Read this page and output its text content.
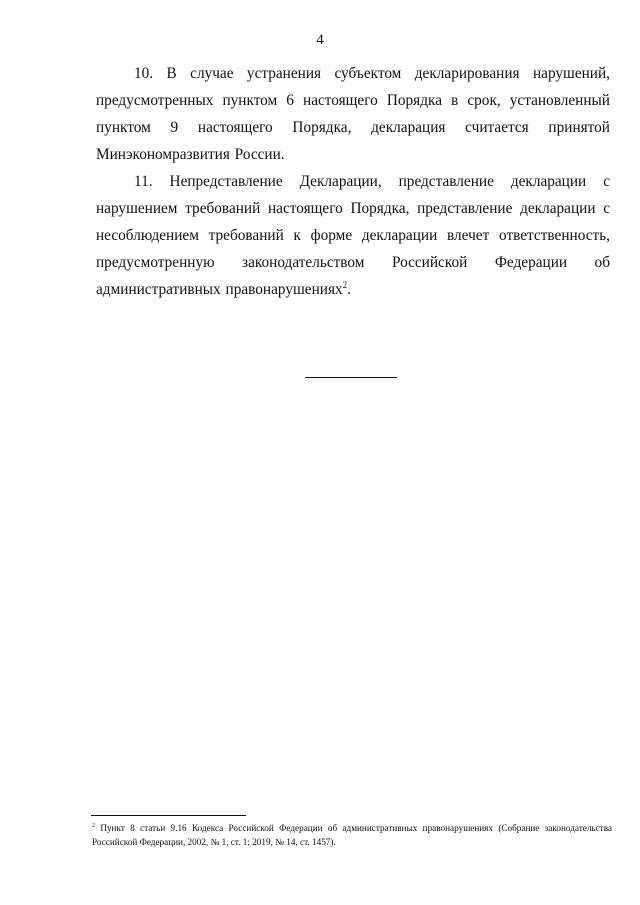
4

10. В случае устранения субъектом декларирования нарушений, предусмотренных пунктом 6 настоящего Порядка в срок, установленный пунктом 9 настоящего Порядка, декларация считается принятой Минэкономразвития России.

11. Непредставление Декларации, представление декларации с нарушением требований настоящего Порядка, представление декларации с несоблюдением требований к форме декларации влечет ответственность, предусмотренную законодательством Российской Федерации об административных правонарушениях$^2$.

$^2$ Пункт 8 статьи 9.16 Кодекса Российской Федерации об административных правонарушениях (Собрание законодательства Российской Федерации, 2002, № 1, ст. 1; 2019, № 14, ст. 1457).
